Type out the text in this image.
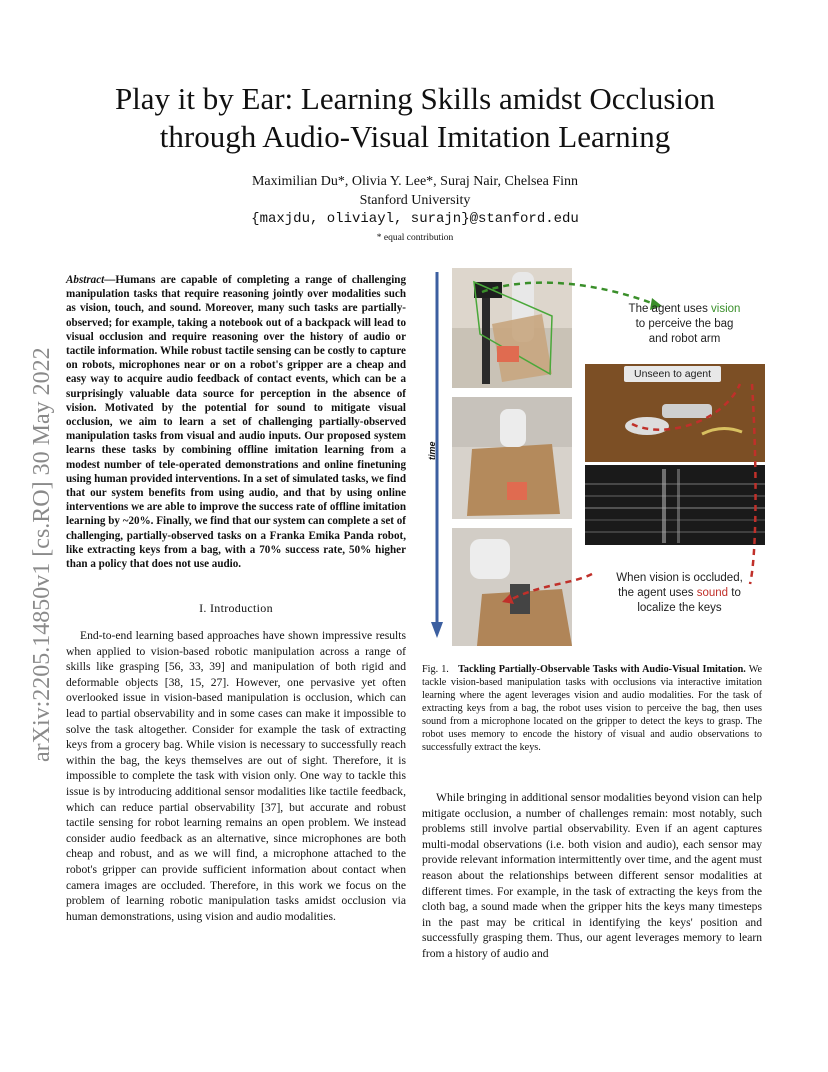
Play it by Ear: Learning Skills amidst Occlusion
through Audio-Visual Imitation Learning
Maximilian Du*, Olivia Y. Lee*, Suraj Nair, Chelsea Finn
Stanford University
{maxjdu, oliviayl, surajn}@stanford.edu
* equal contribution
arXiv:2205.14850v1 [cs.RO] 30 May 2022
Abstract—Humans are capable of completing a range of challenging manipulation tasks that require reasoning jointly over modalities such as vision, touch, and sound. Moreover, many such tasks are partially-observed; for example, taking a notebook out of a backpack will lead to visual occlusion and require reasoning over the history of audio or tactile information. While robust tactile sensing can be costly to capture on robots, microphones near or on a robot's gripper are a cheap and easy way to acquire audio feedback of contact events, which can be a surprisingly valuable data source for perception in the absence of vision. Motivated by the potential for sound to mitigate visual occlusion, we aim to learn a set of challenging partially-observed manipulation tasks from visual and audio inputs. Our proposed system learns these tasks by combining offline imitation learning from a modest number of tele-operated demonstrations and online finetuning using human provided interventions. In a set of simulated tasks, we find that our system benefits from using audio, and that by using online interventions we are able to improve the success rate of offline imitation learning by ~20%. Finally, we find that our system can complete a set of challenging, partially-observed tasks on a Franka Emika Panda robot, like extracting keys from a bag, with a 70% success rate, 50% higher than a policy that does not use audio.
I. Introduction

End-to-end learning based approaches have shown impressive results when applied to vision-based robotic manipulation across a range of skills like grasping [56, 33, 39] and manipulation of both rigid and deformable objects [38, 15, 27]. However, one pervasive yet often overlooked issue in vision-based manipulation is occlusion, which can lead to partial observability and in some cases can make it impossible to solve the task altogether. Consider for example the task of extracting keys from a grocery bag. While vision is necessary to successfully reach within the bag, the keys themselves are out of sight. Therefore, it is impossible to complete the task with vision only. One way to tackle this issue is by introducing additional sensor modalities like tactile feedback, which can reduce partial observability [37], but accurate and robust tactile sensing for robot learning remains an open problem. We instead consider audio feedback as an alternative, since microphones are both cheap and robust, and as we will find, a microphone attached to the robot's gripper can provide sufficient information about contact when camera images are occluded. Therefore, in this work we focus on the problem of learning robotic manipulation tasks amidst occlusion via human demonstrations, using vision and audio modalities.

time
The agent uses vision
to perceive the bag
and robot arm
Unseen to agent
When vision is occluded,
the agent uses sound to
localize the keys
Fig. 1. Tackling Partially-Observable Tasks with Audio-Visual Imitation. We tackle vision-based manipulation tasks with occlusions via interactive imitation learning where the agent leverages vision and audio modalities. For the task of extracting keys from a bag, the robot uses vision to perceive the bag, then uses sound from a microphone located on the gripper to detect the keys to grasp. The robot uses memory to encode the history of visual and audio observations to successfully extract the keys.

While bringing in additional sensor modalities beyond vision can help mitigate occlusion, a number of challenges remain: most notably, such problems still involve partial observability. Even if an agent captures multi-modal observations (i.e. both vision and audio), each sensor may provide relevant information intermittently over time, and the agent must reason about the relationships between different sensor modalities at different times. For example, in the task of extracting the keys from the cloth bag, a sound made when the gripper hits the keys many timesteps in the past may be critical in identifying the keys' position and successfully grasping them. Thus, our agent leverages memory to learn from a history of audio and
